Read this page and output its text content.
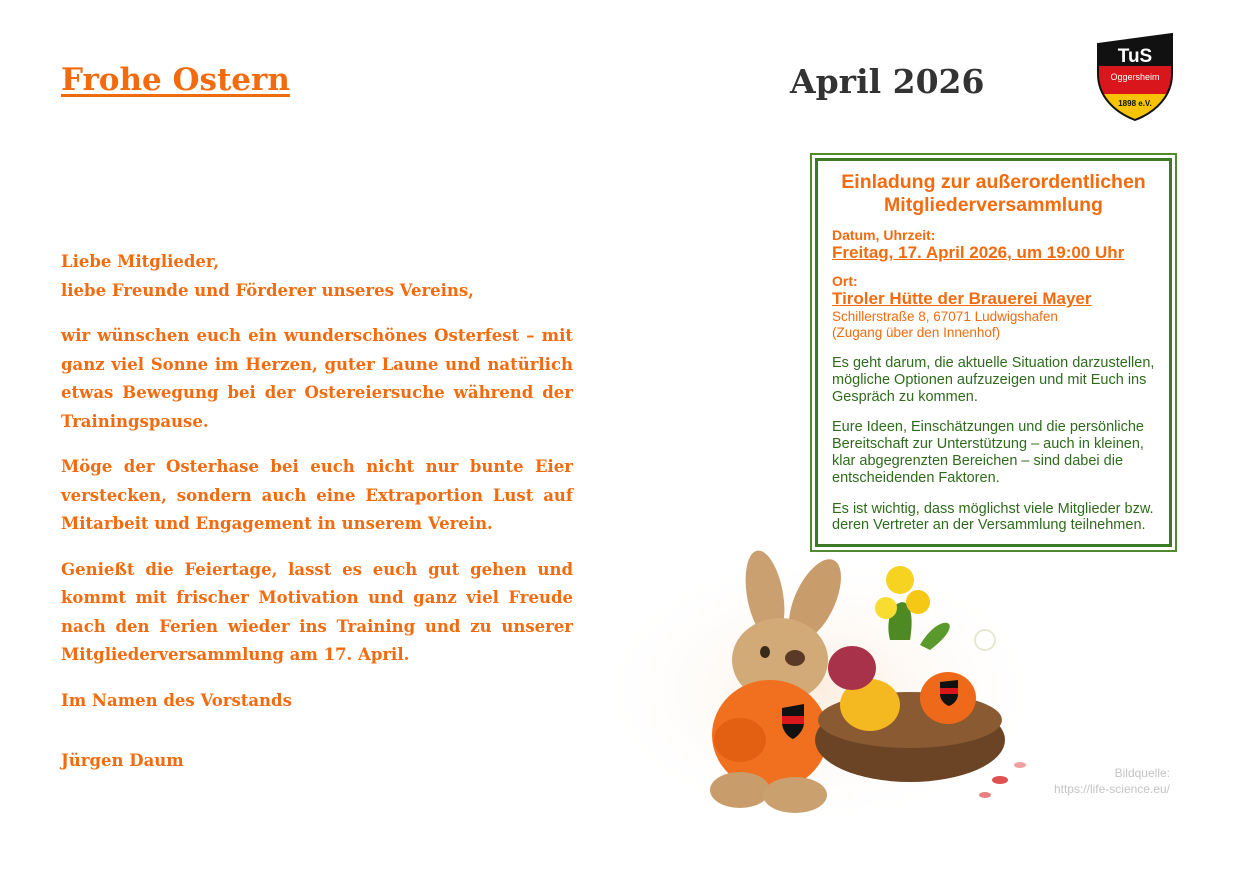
Frohe Ostern	April 2026
TuS
Oggersheim
1898 e.V.
Liebe Mitglieder,
liebe Freunde und Förderer unseres Vereins,

wir wünschen euch ein wunderschönes Osterfest – mit ganz viel Sonne im Herzen, guter Laune und natürlich etwas Bewegung bei der Ostereiersuche während der Trainingspause.

Möge der Osterhase bei euch nicht nur bunte Eier verstecken, sondern auch eine Extraportion Lust auf Mitarbeit und Engagement in unserem Verein.

Genießt die Feiertage, lasst es euch gut gehen und kommt mit frischer Motivation und ganz viel Freude nach den Ferien wieder ins Training und zu unserer Mitgliederversammlung am 17. April.

Im Namen des Vorstands

Jürgen Daum

Einladung zur außerordentlichen Mitgliederversammlung
Datum, Uhrzeit:
Freitag, 17. April 2026, um 19:00 Uhr
Ort:
Tiroler Hütte der Brauerei Mayer
Schillerstraße 8, 67071 Ludwigshafen
(Zugang über den Innenhof)
Es geht darum, die aktuelle Situation darzustellen, mögliche Optionen aufzuzeigen und mit Euch ins Gespräch zu kommen.
Eure Ideen, Einschätzungen und die persönliche Bereitschaft zur Unterstützung – auch in kleinen, klar abgegrenzten Bereichen – sind dabei die entscheidenden Faktoren.
Es ist wichtig, dass möglichst viele Mitglieder bzw. deren Vertreter an der Versammlung teilnehmen.
Bildquelle:
https://life-science.eu/
